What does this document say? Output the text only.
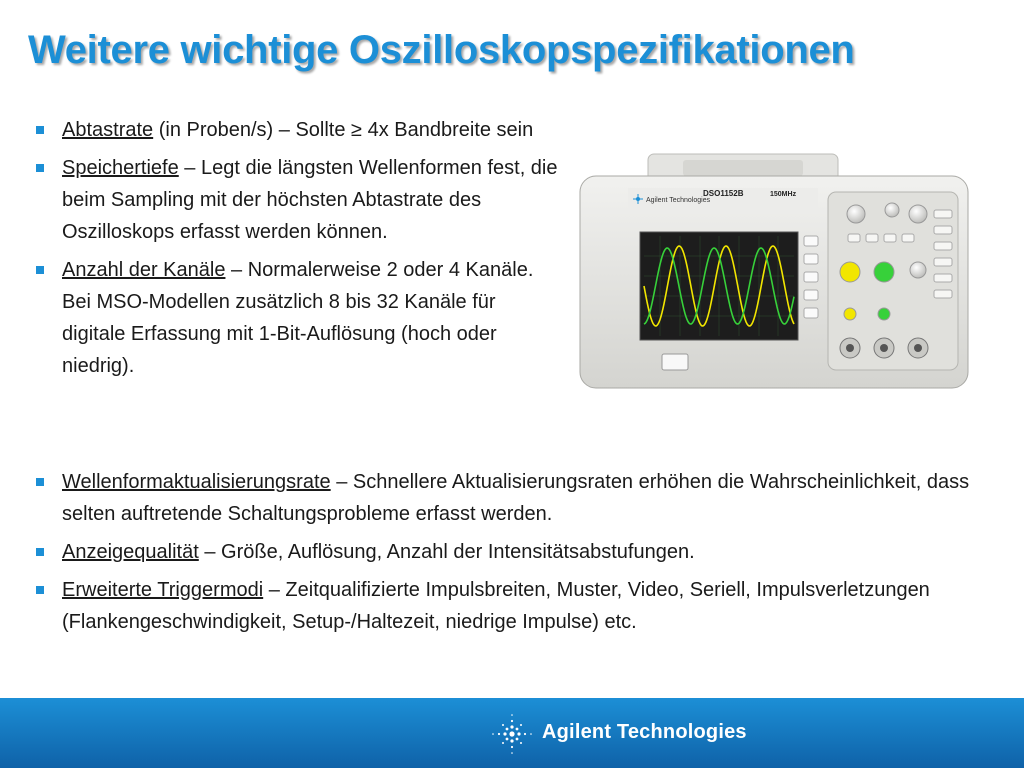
Weitere wichtige Oszilloskopspezifikationen
Abtastrate (in Proben/s) – Sollte ≥ 4x Bandbreite sein
Speichertiefe – Legt die längsten Wellenformen fest, die beim Sampling mit der höchsten Abtastrate des Oszilloskops erfasst werden können.
Anzahl der Kanäle – Normalerweise 2 oder 4 Kanäle. Bei MSO-Modellen zusätzlich 8 bis 32 Kanäle für digitale Erfassung mit 1-Bit-Auflösung (hoch oder niedrig).
Agilent Technologies
DSO1152B	150MHz
Wellenformaktualisierungsrate – Schnellere Aktualisierungsraten erhöhen die Wahrscheinlichkeit, dass selten auftretende Schaltungsprobleme erfasst werden.
Anzeigequalität – Größe, Auflösung, Anzahl der Intensitätsabstufungen.
Erweiterte Triggermodi – Zeitqualifizierte Impulsbreiten, Muster, Video, Seriell, Impulsverletzungen (Flankengeschwindigkeit, Setup-/Haltezeit, niedrige Impulse) etc.
Agilent Technologies
